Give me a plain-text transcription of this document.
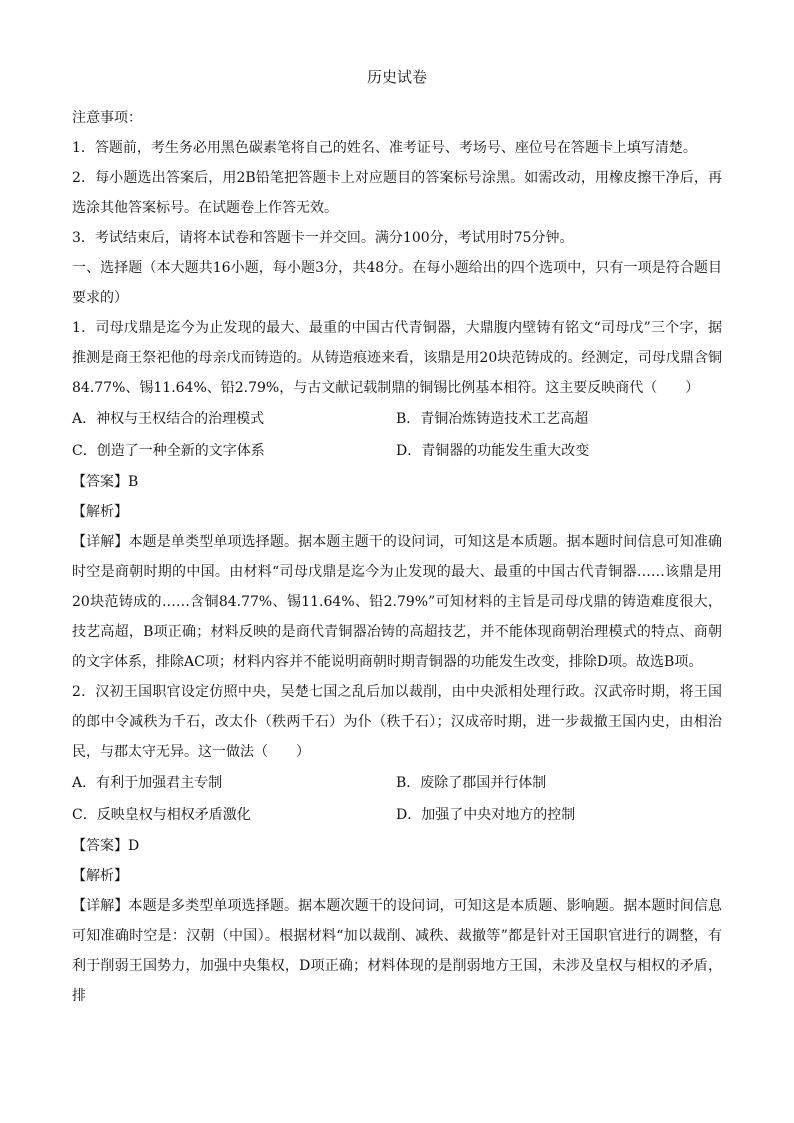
历史试卷

注意事项：

1．答题前，考生务必用黑色碳素笔将自己的姓名、准考证号、考场号、座位号在答题卡上填写清楚。

2．每小题选出答案后，用2B铅笔把答题卡上对应题目的答案标号涂黑。如需改动，用橡皮擦干净后，再选涂其他答案标号。在试题卷上作答无效。

3．考试结束后，请将本试卷和答题卡一并交回。满分100分，考试用时75分钟。

一、选择题（本大题共16小题，每小题3分，共48分。在每小题给出的四个选项中，只有一项是符合题目要求的）

1．司母戊鼎是迄今为止发现的最大、最重的中国古代青铜器，大鼎腹内壁铸有铭文“司母戊”三个字，据推测是商王祭祀他的母亲戊而铸造的。从铸造痕迹来看，该鼎是用20块范铸成的。经测定，司母戊鼎含铜84.77%、锡11.64%、铅2.79%，与古文献记载制鼎的铜锡比例基本相符。这主要反映商代（　　）

A．神权与王权结合的治理模式	B．青铜冶炼铸造技术工艺高超
C．创造了一种全新的文字体系	D．青铜器的功能发生重大改变

【答案】B

【解析】

【详解】本题是单类型单项选择题。据本题主题干的设问词，可知这是本质题。据本题时间信息可知准确时空是商朝时期的中国。由材料“司母戊鼎是迄今为止发现的最大、最重的中国古代青铜器……该鼎是用20块范铸成的……含铜84.77%、锡11.64%、铅2.79%”可知材料的主旨是司母戊鼎的铸造难度很大，技艺高超，B项正确；材料反映的是商代青铜器冶铸的高超技艺，并不能体现商朝治理模式的特点、商朝的文字体系，排除AC项；材料内容并不能说明商朝时期青铜器的功能发生改变，排除D项。故选B项。

2．汉初王国职官设定仿照中央，吴楚七国之乱后加以裁削，由中央派相处理行政。汉武帝时期，将王国的郎中令减秩为千石，改太仆（秩两千石）为仆（秩千石）；汉成帝时期，进一步裁撤王国内史，由相治民，与郡太守无异。这一做法（　　）

A．有利于加强君主专制	B．废除了郡国并行体制
C．反映皇权与相权矛盾激化	D．加强了中央对地方的控制

【答案】D

【解析】

【详解】本题是多类型单项选择题。据本题次题干的设问词，可知这是本质题、影响题。据本题时间信息可知准确时空是：汉朝（中国）。根据材料“加以裁削、减秩、裁撤等”都是针对王国职官进行的调整，有利于削弱王国势力，加强中央集权，D项正确；材料体现的是削弱地方王国，未涉及皇权与相权的矛盾，排
